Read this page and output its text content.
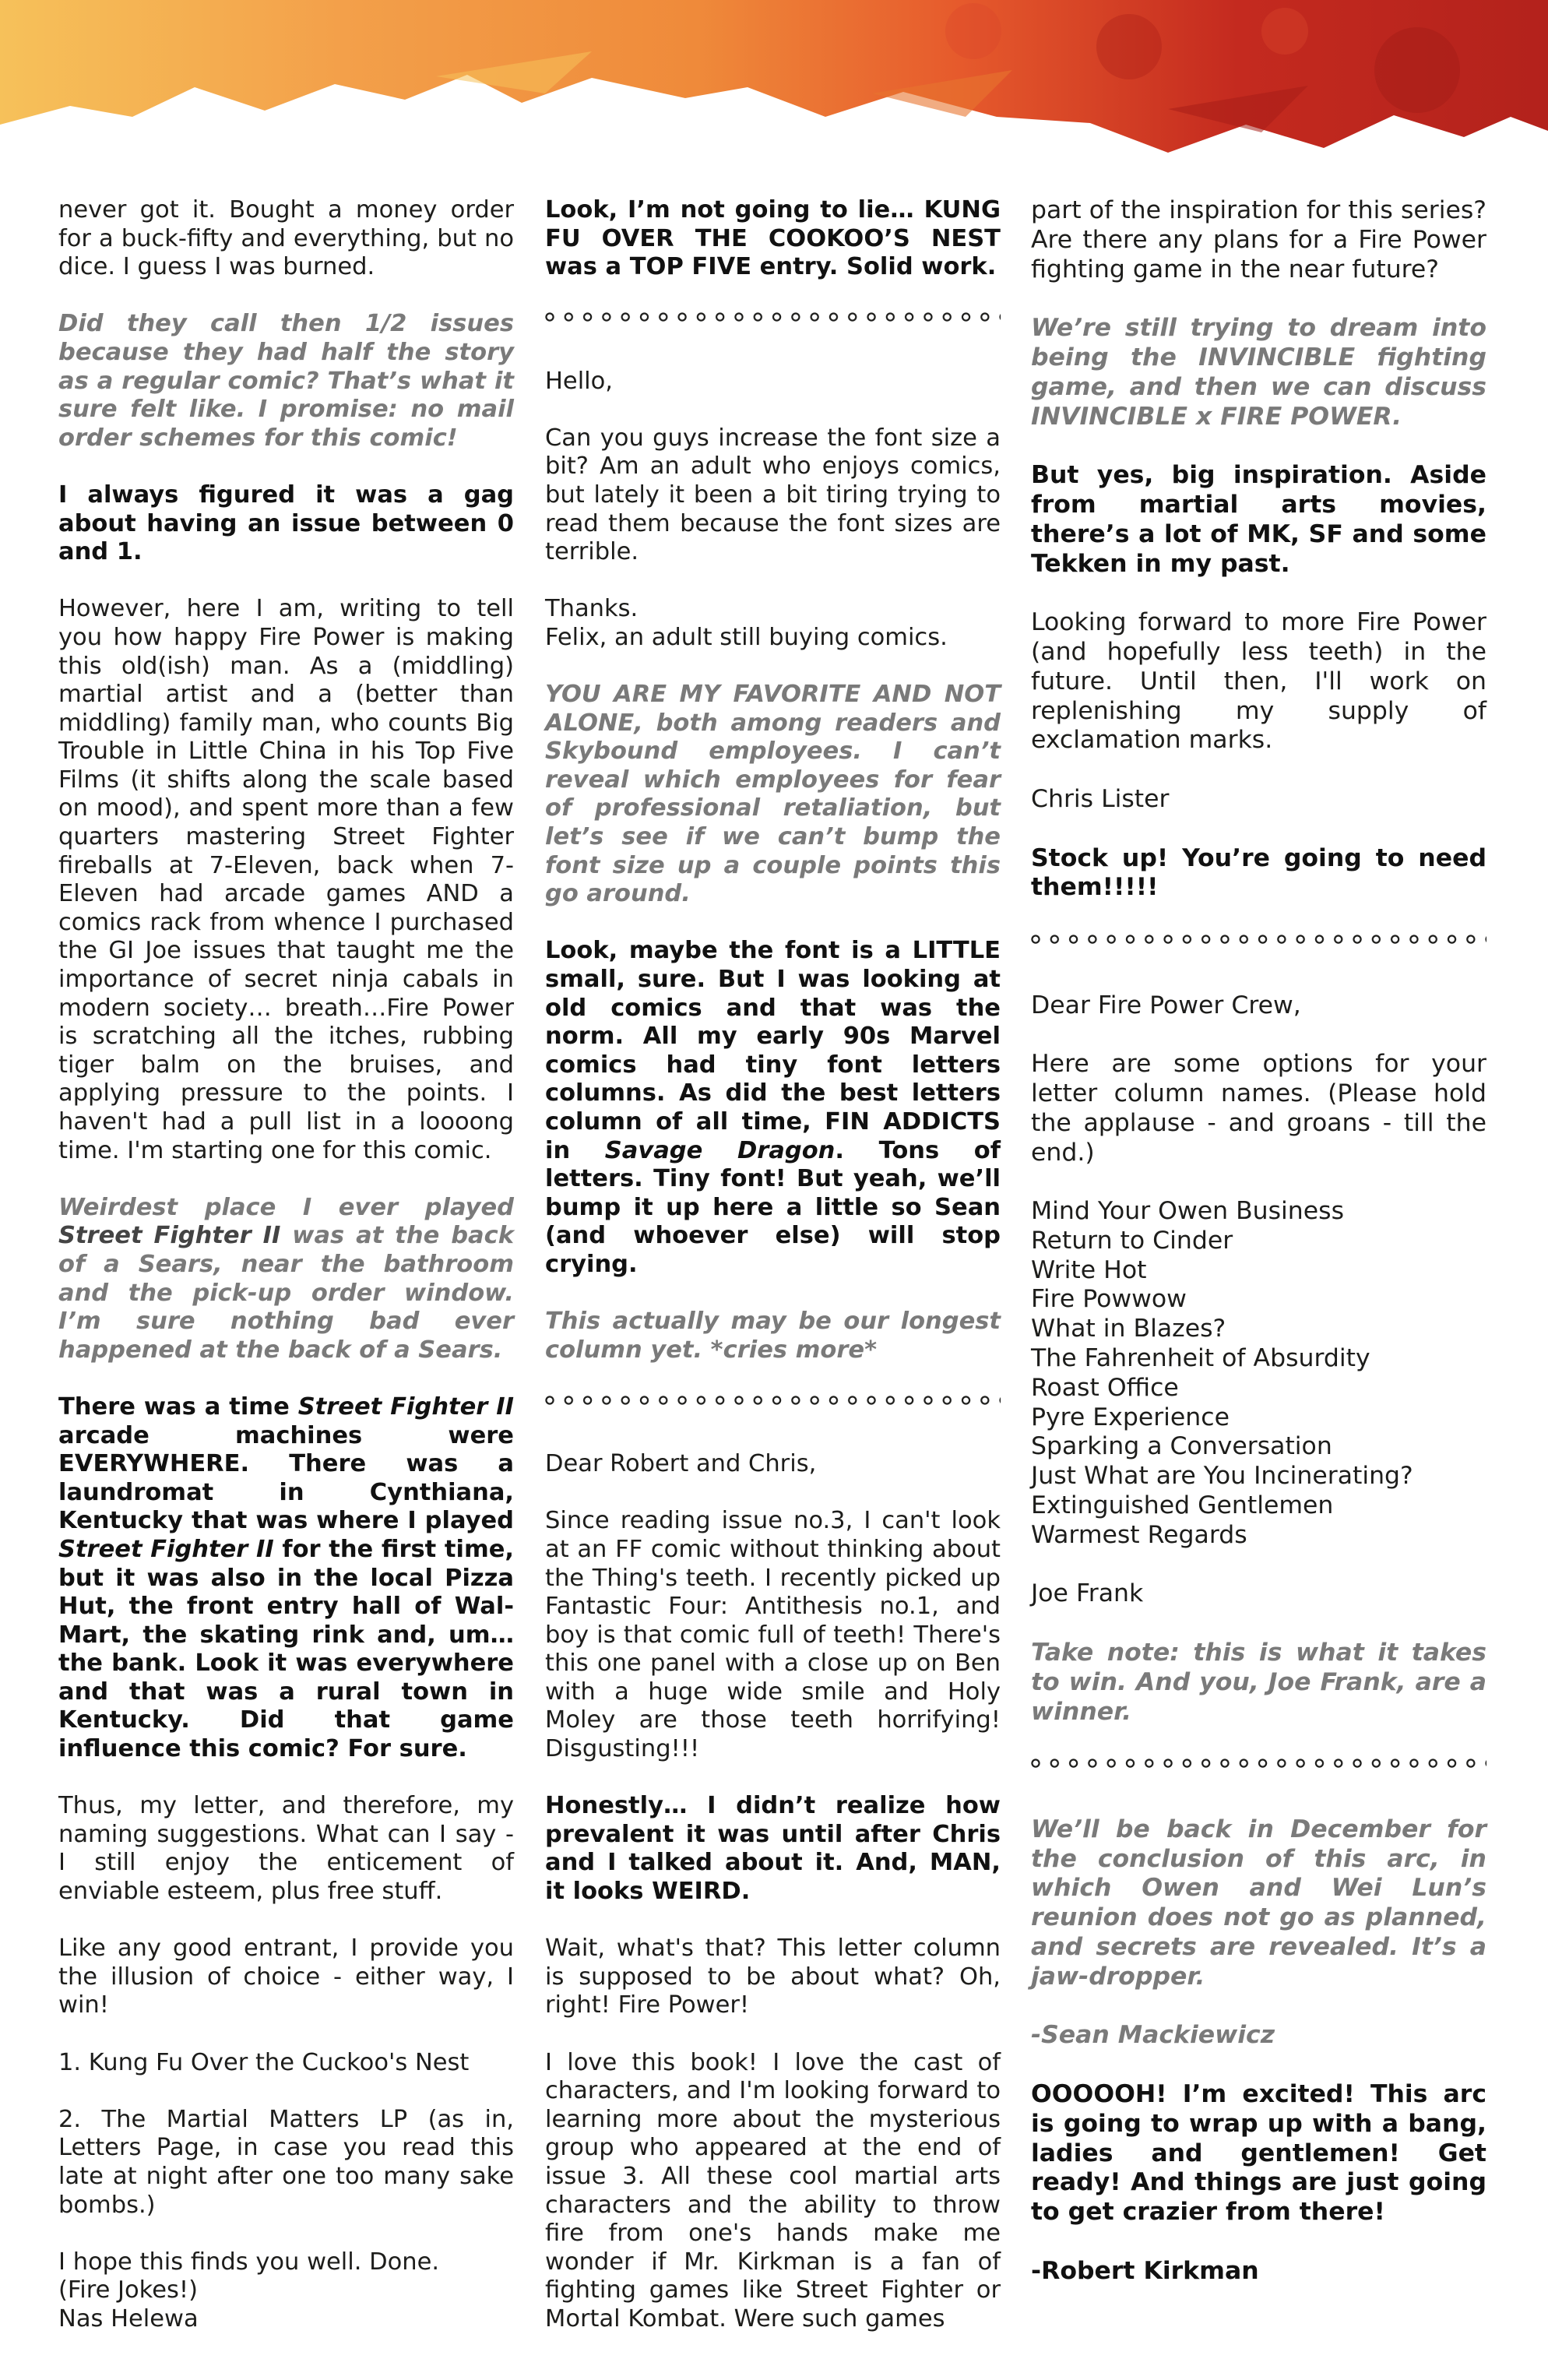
never got it. Bought a money order for a buck-fifty and everything, but no dice. I guess I was burned.

Did they call then 1/2 issues because they had half the story as a regular comic? That’s what it sure felt like. I promise: no mail order schemes for this comic!

I always figured it was a gag about having an issue between 0 and 1.

However, here I am, writing to tell you how happy Fire Power is making this old(ish) man. As a (middling) martial artist and a (better than middling) family man, who counts Big Trouble in Little China in his Top Five Films (it shifts along the scale based on mood), and spent more than a few quarters mastering Street Fighter fireballs at 7-Eleven, back when 7-Eleven had arcade games AND a comics rack from whence I purchased the GI Joe issues that taught me the importance of secret ninja cabals in modern society… breath…Fire Power is scratching all the itches, rubbing tiger balm on the bruises, and applying pressure to the points. I haven't had a pull list in a loooong time. I'm starting one for this comic.

Weirdest place I ever played Street Fighter II was at the back of a Sears, near the bathroom and the pick-up order window. I’m sure nothing bad ever happened at the back of a Sears.

There was a time Street Fighter II arcade machines were EVERYWHERE. There was a laundromat in Cynthiana, Kentucky that was where I played Street Fighter II for the first time, but it was also in the local Pizza Hut, the front entry hall of Wal-Mart, the skating rink and, um… the bank. Look it was everywhere and that was a rural town in Kentucky. Did that game influence this comic? For sure.

Thus, my letter, and therefore, my naming suggestions. What can I say - I still enjoy the enticement of enviable esteem, plus free stuff.

Like any good entrant, I provide you the illusion of choice - either way, I win!

1. Kung Fu Over the Cuckoo's Nest

2. The Martial Matters LP (as in, Letters Page, in case you read this late at night after one too many sake bombs.)

I hope this finds you well. Done.

(Fire Jokes!)

Nas Helewa

Look, I’m not going to lie… KUNG FU OVER THE COOKOO’S NEST was a TOP FIVE entry. Solid work.

Hello,

Can you guys increase the font size a bit? Am an adult who enjoys comics, but lately it been a bit tiring trying to read them because the font sizes are terrible.

Thanks.

Felix, an adult still buying comics.

YOU ARE MY FAVORITE AND NOT ALONE, both among readers and Skybound employees. I can’t reveal which employees for fear of professional retaliation, but let’s see if we can’t bump the font size up a couple points this go around.

Look, maybe the font is a LITTLE small, sure. But I was looking at old comics and that was the norm. All my early 90s Marvel comics had tiny font letters columns. As did the best letters column of all time, FIN ADDICTS in Savage Dragon. Tons of letters. Tiny font! But yeah, we’ll bump it up here a little so Sean (and whoever else) will stop crying.

This actually may be our longest column yet. *cries more*

Dear Robert and Chris,

Since reading issue no.3, I can't look at an FF comic without thinking about the Thing's teeth. I recently picked up Fantastic Four: Antithesis no.1, and boy is that comic full of teeth! There's this one panel with a close up on Ben with a huge wide smile and Holy Moley are those teeth horrifying! Disgusting!!!

Honestly… I didn’t realize how prevalent it was until after Chris and I talked about it. And, MAN, it looks WEIRD.

Wait, what's that? This letter column is supposed to be about what? Oh, right! Fire Power!

I love this book! I love the cast of characters, and I'm looking forward to learning more about the mysterious group who appeared at the end of issue 3. All these cool martial arts characters and the ability to throw fire from one's hands make me wonder if Mr. Kirkman is a fan of fighting games like Street Fighter or Mortal Kombat. Were such games

part of the inspiration for this series? Are there any plans for a Fire Power fighting game in the near future?

We’re still trying to dream into being the INVINCIBLE fighting game, and then we can discuss INVINCIBLE x FIRE POWER.

But yes, big inspiration. Aside from martial arts movies, there’s a lot of MK, SF and some Tekken in my past.

Looking forward to more Fire Power (and hopefully less teeth) in the future. Until then, I'll work on replenishing my supply of exclamation marks.

Chris Lister

Stock up! You’re going to need them!!!!!

Dear Fire Power Crew,

Here are some options for your letter column names. (Please hold the applause - and groans - till the end.)

Mind Your Owen Business

Return to Cinder

Write Hot

Fire Powwow

What in Blazes?

The Fahrenheit of Absurdity

Roast Office

Pyre Experience

Sparking a Conversation

Just What are You Incinerating?

Extinguished Gentlemen

Warmest Regards

Joe Frank

Take note: this is what it takes to win. And you, Joe Frank, are a winner.

We’ll be back in December for the conclusion of this arc, in which Owen and Wei Lun’s reunion does not go as planned, and secrets are revealed. It’s a jaw-dropper.

-Sean Mackiewicz

OOOOOH! I’m excited! This arc is going to wrap up with a bang, ladies and gentlemen! Get ready! And things are just going to get crazier from there!

-Robert Kirkman
